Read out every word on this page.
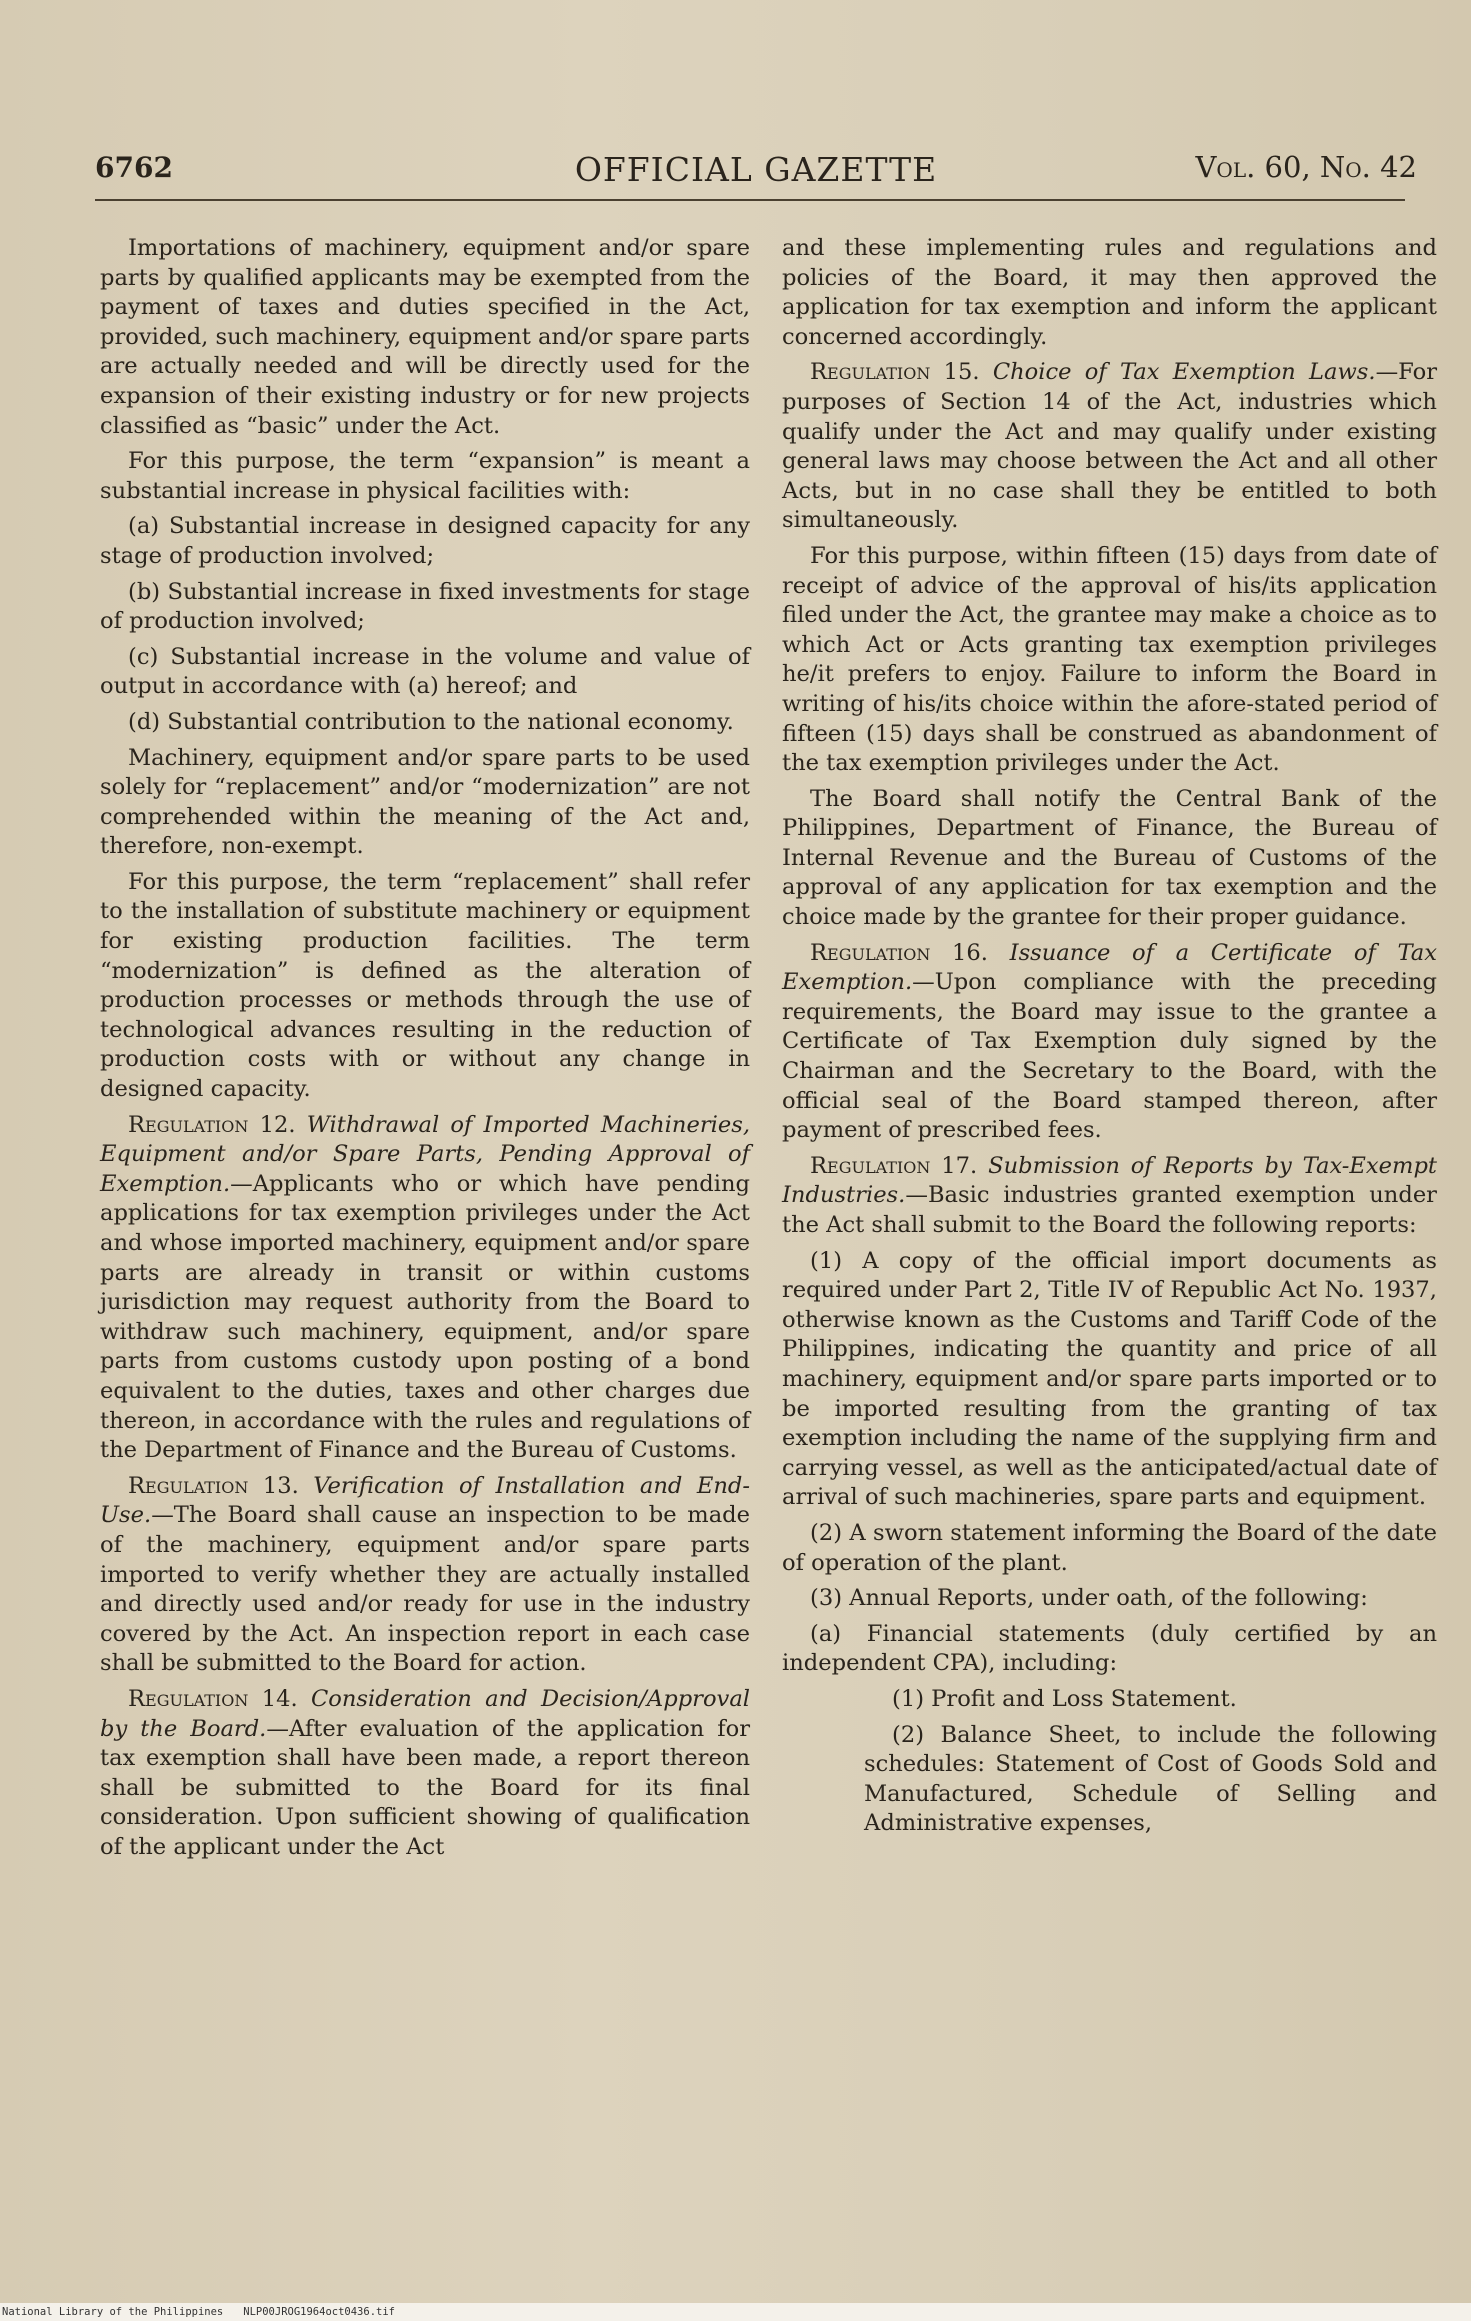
6762	OFFICIAL GAZETTE	Vol. 60, No. 42

Importations of machinery, equipment and/or spare parts by qualified applicants may be exempted from the payment of taxes and duties specified in the Act, provided, such machinery, equipment and/or spare parts are actually needed and will be directly used for the expansion of their existing industry or for new projects classified as “basic” under the Act.

For this purpose, the term “expansion” is meant a substantial increase in physical facilities with:

(a) Substantial increase in designed capacity for any stage of production involved;

(b) Substantial increase in fixed investments for stage of production involved;

(c) Substantial increase in the volume and value of output in accordance with (a) hereof; and

(d) Substantial contribution to the national economy.

Machinery, equipment and/or spare parts to be used solely for “replacement” and/or “modernization” are not comprehended within the meaning of the Act and, therefore, non-exempt.

For this purpose, the term “replacement” shall refer to the installation of substitute machinery or equipment for existing production facilities. The term “modernization” is defined as the alteration of production processes or methods through the use of technological advances resulting in the reduction of production costs with or without any change in designed capacity.

Regulation 12. Withdrawal of Imported Machineries, Equipment and/or Spare Parts, Pending Approval of Exemption.—Applicants who or which have pending applications for tax exemption privileges under the Act and whose imported machinery, equipment and/or spare parts are already in transit or within customs jurisdiction may request authority from the Board to withdraw such machinery, equipment, and/or spare parts from customs custody upon posting of a bond equivalent to the duties, taxes and other charges due thereon, in accordance with the rules and regulations of the Department of Finance and the Bureau of Customs.

Regulation 13. Verification of Installation and End-Use.—The Board shall cause an inspection to be made of the machinery, equipment and/or spare parts imported to verify whether they are actually installed and directly used and/or ready for use in the industry covered by the Act. An inspection report in each case shall be submitted to the Board for action.

Regulation 14. Consideration and Decision/Approval by the Board.—After evaluation of the application for tax exemption shall have been made, a report thereon shall be submitted to the Board for its final consideration. Upon sufficient showing of qualification of the applicant under the Act

and these implementing rules and regulations and policies of the Board, it may then approved the application for tax exemption and inform the applicant concerned accordingly.

Regulation 15. Choice of Tax Exemption Laws.—For purposes of Section 14 of the Act, industries which qualify under the Act and may qualify under existing general laws may choose between the Act and all other Acts, but in no case shall they be entitled to both simultaneously.

For this purpose, within fifteen (15) days from date of receipt of advice of the approval of his/its application filed under the Act, the grantee may make a choice as to which Act or Acts granting tax exemption privileges he/it prefers to enjoy. Failure to inform the Board in writing of his/its choice within the afore-stated period of fifteen (15) days shall be construed as abandonment of the tax exemption privileges under the Act.

The Board shall notify the Central Bank of the Philippines, Department of Finance, the Bureau of Internal Revenue and the Bureau of Customs of the approval of any application for tax exemption and the choice made by the grantee for their proper guidance.

Regulation 16. Issuance of a Certificate of Tax Exemption.—Upon compliance with the preceding requirements, the Board may issue to the grantee a Certificate of Tax Exemption duly signed by the Chairman and the Secretary to the Board, with the official seal of the Board stamped thereon, after payment of prescribed fees.

Regulation 17. Submission of Reports by Tax-Exempt Industries.—Basic industries granted exemption under the Act shall submit to the Board the following reports:

(1) A copy of the official import documents as required under Part 2, Title IV of Republic Act No. 1937, otherwise known as the Customs and Tariff Code of the Philippines, indicating the quantity and price of all machinery, equipment and/or spare parts imported or to be imported resulting from the granting of tax exemption including the name of the supplying firm and carrying vessel, as well as the anticipated/actual date of arrival of such machineries, spare parts and equipment.

(2) A sworn statement informing the Board of the date of operation of the plant.

(3) Annual Reports, under oath, of the following:

(a) Financial statements (duly certified by an independent CPA), including:

(1) Profit and Loss Statement.

(2) Balance Sheet, to include the following schedules: Statement of Cost of Goods Sold and Manufactured, Schedule of Selling and Administrative expenses,

National Library of the Philippines NLP00JROG1964oct0436.tif
